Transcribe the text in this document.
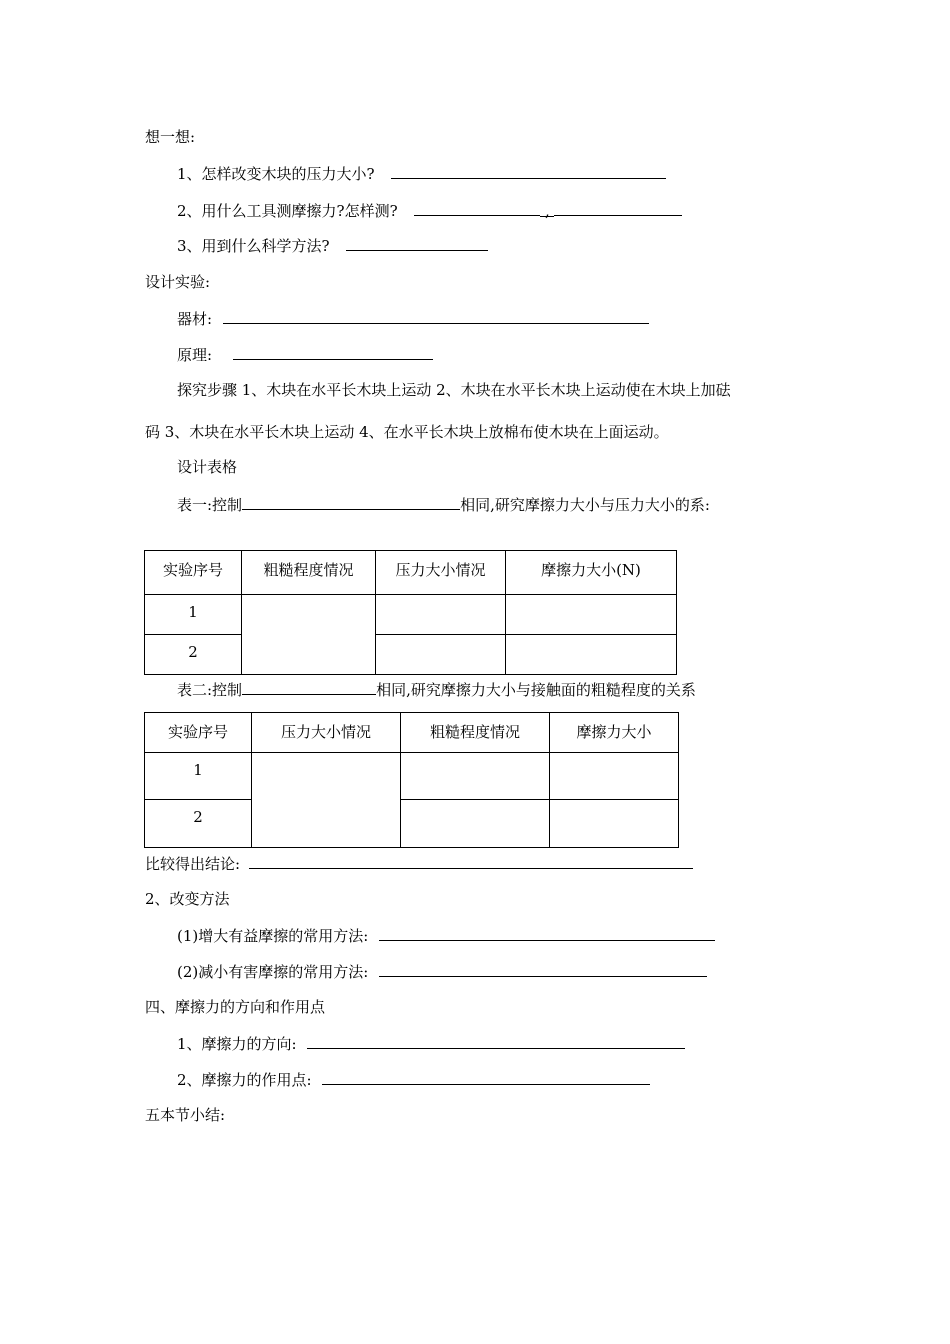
想一想:
1、怎样改变木块的压力大小?
2、用什么工具测摩擦力?怎样测?	,
3、用到什么科学方法?
设计实验:
器材:
原理:
探究步骤 1、木块在水平长木块上运动 2、木块在水平长木块上运动使在木块上加砝
码 3、木块在水平长木块上运动 4、在水平长木块上放棉布使木块在上面运动。
设计表格
表一:控制	相同,研究摩擦力大小与压力大小的系:
实验序号	粗糙程度情况	压力大小情况	摩擦力大小(N)
1			
2			
表二:控制	相同,研究摩擦力大小与接触面的粗糙程度的关系
实验序号	压力大小情况	粗糙程度情况	摩擦力大小
1			
2			
比较得出结论:
2、改变方法
(1)增大有益摩擦的常用方法:
(2)减小有害摩擦的常用方法:
四、摩擦力的方向和作用点
1、摩擦力的方向:
2、摩擦力的作用点:
五本节小结:
